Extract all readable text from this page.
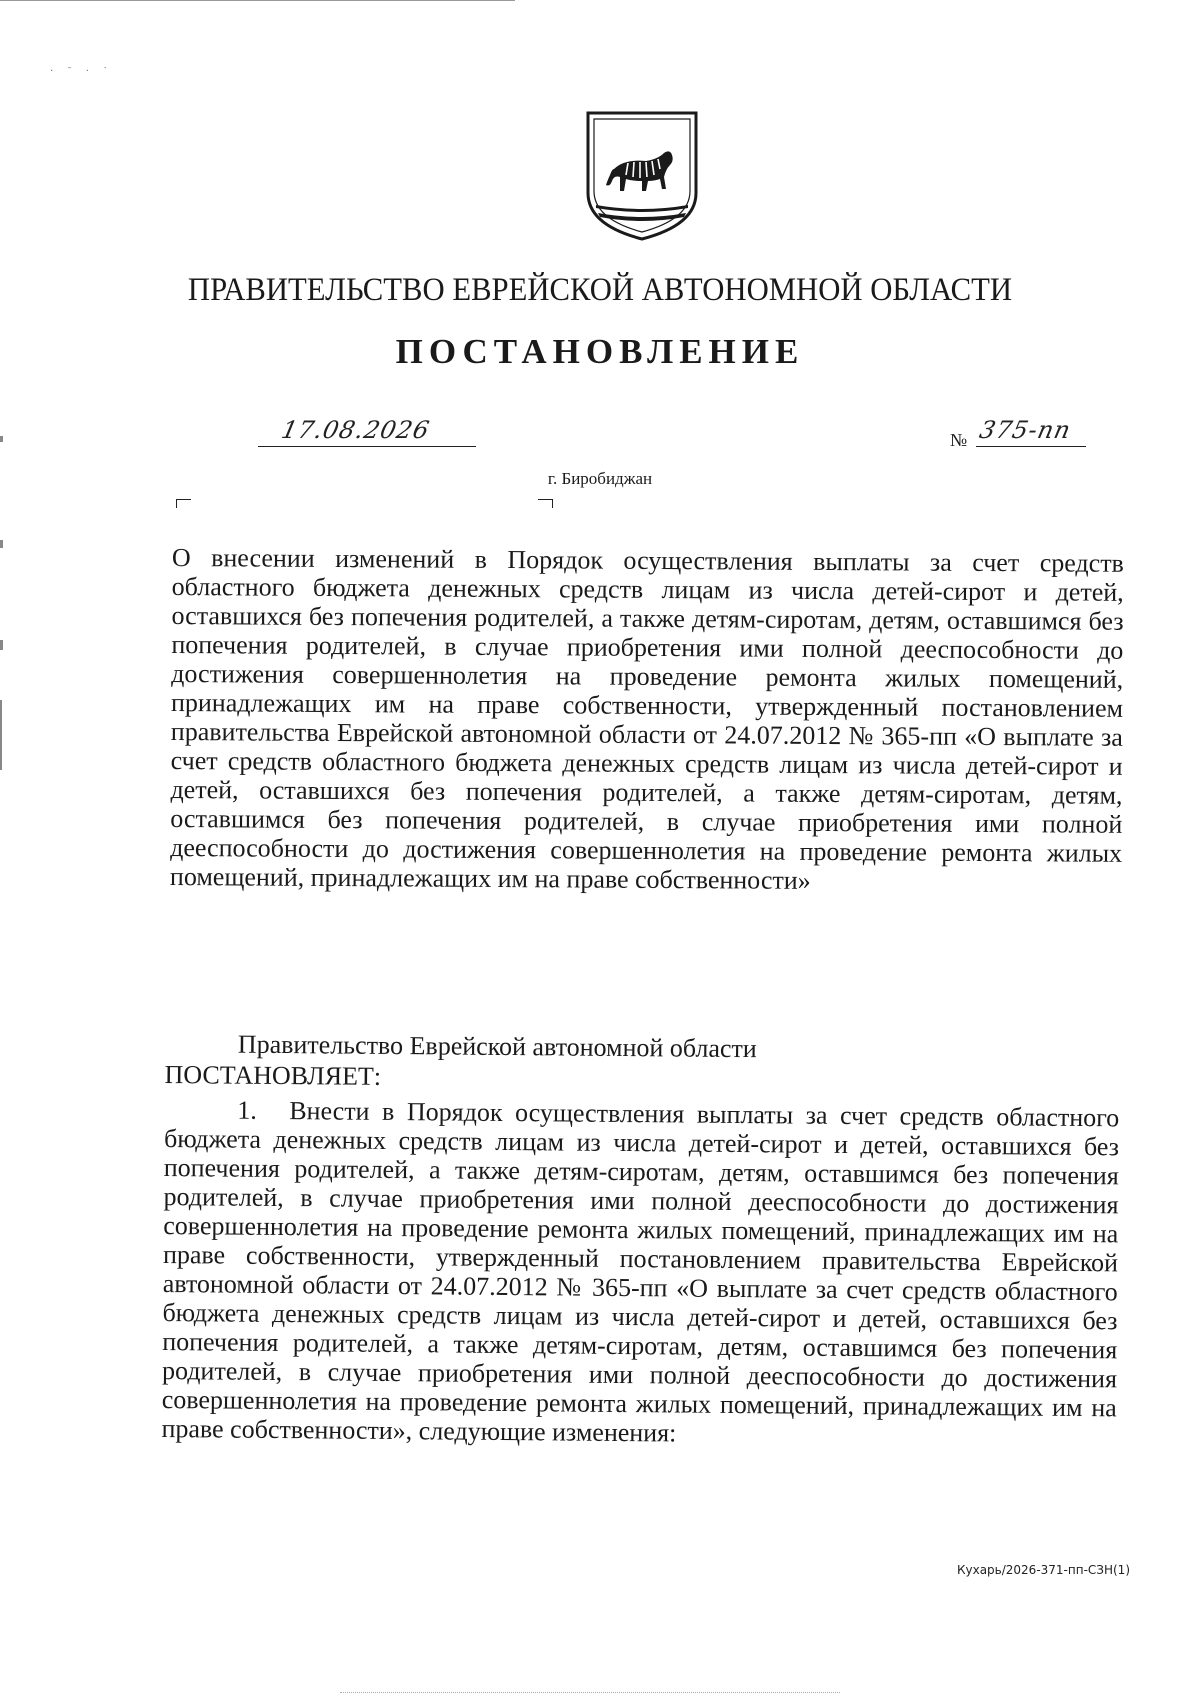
· ˉ · ˙
ПРАВИТЕЛЬСТВО ЕВРЕЙСКОЙ АВТОНОМНОЙ ОБЛАСТИ
ПОСТАНОВЛЕНИЕ
17.08.2026	№ 375-пп
г. Биробиджан
О внесении изменений в Порядок осуществления выплаты за счет средств областного бюджета денежных средств лицам из числа детей-сирот и детей, оставшихся без попечения родителей, а также детям-сиротам, детям, оставшимся без попечения родителей, в случае приобретения ими полной дееспособности до достижения совершеннолетия на проведение ремонта жилых помещений, принадлежащих им на праве собственности, утвержденный постановлением правительства Еврейской автономной области от 24.07.2012 № 365-пп «О выплате за счет средств областного бюджета денежных средств лицам из числа детей-сирот и детей, оставшихся без попечения родителей, а также детям-сиротам, детям, оставшимся без попечения родителей, в случае приобретения ими полной дееспособности до достижения совершеннолетия на проведение ремонта жилых помещений, принадлежащих им на праве собственности»
Правительство Еврейской автономной области
ПОСТАНОВЛЯЕТ:
1. Внести в Порядок осуществления выплаты за счет средств областного бюджета денежных средств лицам из числа детей-сирот и детей, оставшихся без попечения родителей, а также детям-сиротам, детям, оставшимся без попечения родителей, в случае приобретения ими полной дееспособности до достижения совершеннолетия на проведение ремонта жилых помещений, принадлежащих им на праве собственности, утвержденный постановлением правительства Еврейской автономной области от 24.07.2012 № 365-пп «О выплате за счет средств областного бюджета денежных средств лицам из числа детей-сирот и детей, оставшихся без попечения родителей, а также детям-сиротам, детям, оставшимся без попечения родителей, в случае приобретения ими полной дееспособности до достижения совершеннолетия на проведение ремонта жилых помещений, принадлежащих им на праве собственности», следующие изменения:
Кухарь/2026-371-пп-СЗН(1)
